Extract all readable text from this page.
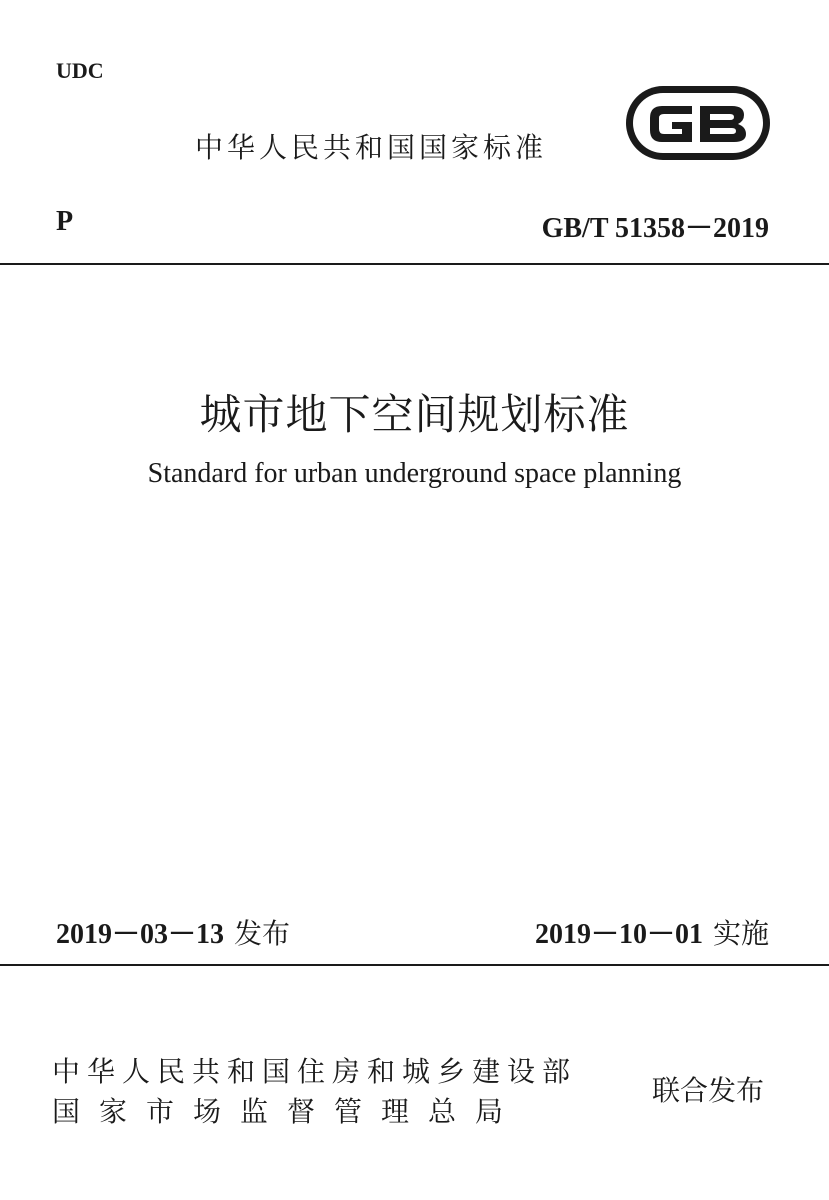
UDC
中华人民共和国国家标准
P	GB/T 51358－2019
城市地下空间规划标准
Standard for urban underground space planning
2019－03－13 发布	2019－10－01 实施
中华人民共和国住房和城乡建设部
国家市场监督管理总局
联合发布
